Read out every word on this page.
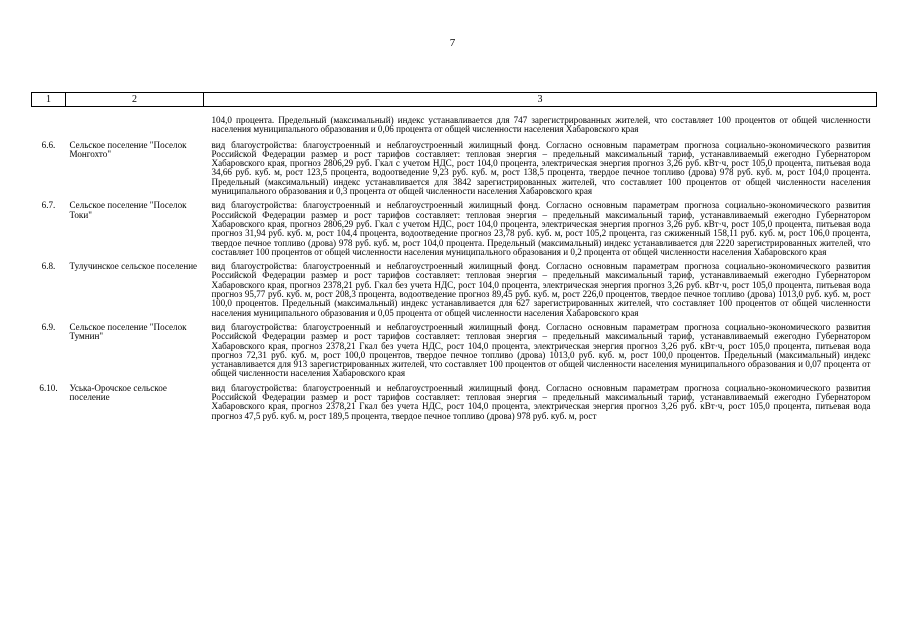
7
1	2	3
		104,0 процента. Предельный (максимальный) индекс устанавливается для 747 зарегистрированных жителей, что составляет 100 процентов от общей численности населения муниципального образования и 0,06 процента от общей численности населения Хабаровского края
6.6.	Сельское поселение "Поселок Монгохто"	вид благоустройства: благоустроенный и неблагоустроенный жилищный фонд. Согласно основным параметрам прогноза социально-экономического развития Российской Федерации размер и рост тарифов составляет: тепловая энергия – предельный максимальный тариф, устанавливаемый ежегодно Губернатором Хабаровского края, прогноз 2806,29 руб. Гкал с учетом НДС, рост 104,0 процента, электрическая энергия прогноз 3,26 руб. кВт·ч, рост 105,0 процента, питьевая вода 34,66 руб. куб. м, рост 123,5 процента, водоотведение 9,23 руб. куб. м, рост 138,5 процента, твердое печное топливо (дрова) 978 руб. куб. м, рост 104,0 процента. Предельный (максимальный) индекс устанавливается для 3842 зарегистрированных жителей, что составляет 100 процентов от общей численности населения муниципального образования и 0,3 процента от общей численности населения Хабаровского края
6.7.	Сельское поселение "Поселок Токи"	вид благоустройства: благоустроенный и неблагоустроенный жилищный фонд. Согласно основным параметрам прогноза социально-экономического развития Российской Федерации размер и рост тарифов составляет: тепловая энергия – предельный максимальный тариф, устанавливаемый ежегодно Губернатором Хабаровского края, прогноз 2806,29 руб. Гкал с учетом НДС, рост 104,0 процента, электрическая энергия прогноз 3,26 руб. кВт·ч, рост 105,0 процента, питьевая вода прогноз 31,94 руб. куб. м, рост 104,4 процента, водоотведение прогноз 23,78 руб. куб. м, рост 105,2 процента, газ сжиженный 158,11 руб. куб. м, рост 106,0 процента, твердое печное топливо (дрова) 978 руб. куб. м, рост 104,0 процента. Предельный (максимальный) индекс устанавливается для 2220 зарегистрированных жителей, что составляет 100 процентов от общей численности населения муниципального образования и 0,2 процента от общей численности населения Хабаровского края
6.8.	Тулучинское сельское поселение	вид благоустройства: благоустроенный и неблагоустроенный жилищный фонд. Согласно основным параметрам прогноза социально-экономического развития Российской Федерации размер и рост тарифов составляет: тепловая энергия – предельный максимальный тариф, устанавливаемый ежегодно Губернатором Хабаровского края, прогноз 2378,21 руб. Гкал без учета НДС, рост 104,0 процента, электрическая энергия прогноз 3,26 руб. кВт·ч, рост 105,0 процента, питьевая вода прогноз 95,77 руб. куб. м, рост 208,3 процента, водоотведение прогноз 89,45 руб. куб. м, рост 226,0 процентов, твердое печное топливо (дрова) 1013,0 руб. куб. м, рост 100,0 процентов. Предельный (максимальный) индекс устанавливается для 627 зарегистрированных жителей, что составляет 100 процентов от общей численности населения муниципального образования и 0,05 процента от общей численности населения Хабаровского края
6.9.	Сельское поселение "Поселок Тумнин"	вид благоустройства: благоустроенный и неблагоустроенный жилищный фонд. Согласно основным параметрам прогноза социально-экономического развития Российской Федерации размер и рост тарифов составляет: тепловая энергия – предельный максимальный тариф, устанавливаемый ежегодно Губернатором Хабаровского края, прогноз 2378,21 Гкал без учета НДС, рост 104,0 процента, электрическая энергия прогноз 3,26 руб. кВт·ч, рост 105,0 процента, питьевая вода прогноз 72,31 руб. куб. м, рост 100,0 процентов, твердое печное топливо (дрова) 1013,0 руб. куб. м, рост 100,0 процентов. Предельный (максимальный) индекс устанавливается для 913 зарегистрированных жителей, что составляет 100 процентов от общей численности населения муниципального образования и 0,07 процента от общей численности населения Хабаровского края
6.10.	Уська-Орочское сельское поселение	вид благоустройства: благоустроенный и неблагоустроенный жилищный фонд. Согласно основным параметрам прогноза социально-экономического развития Российской Федерации размер и рост тарифов составляет: тепловая энергия – предельный максимальный тариф, устанавливаемый ежегодно Губернатором Хабаровского края, прогноз 2378,21 Гкал без учета НДС, рост 104,0 процента, электрическая энергия прогноз 3,26 руб. кВт·ч, рост 105,0 процента, питьевая вода прогноз 47,5 руб. куб. м, рост 189,5 процента, твердое печное топливо (дрова) 978 руб. куб. м, рост
